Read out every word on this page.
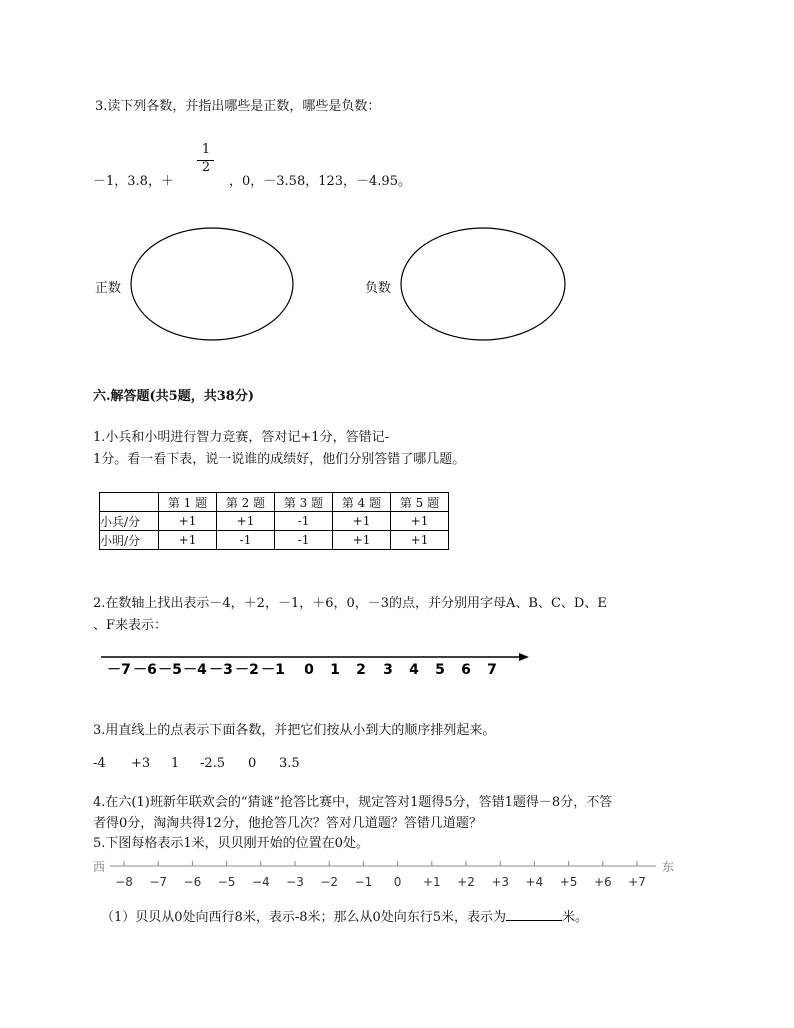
3.读下列各数，并指出哪些是正数，哪些是负数：
1
2
－1，3.8，＋	，0，－3.58，123，－4.95。
正数	负数
六.解答题(共5题，共38分)
1.小兵和小明进行智力竞赛，答对记+1分，答错记-
1分。看一看下表，说一说谁的成绩好，他们分别答错了哪几题。
	第 1 题	第 2 题	第 3 题	第 4 题	第 5 题
小兵/分	+1	+1	-1	+1	+1
小明/分	+1	-1	-1	+1	+1
2.在数轴上找出表示－4，＋2，－1，＋6，0，－3的点，并分别用字母A、B、C、D、E
、F来表示：
－7 －6 －5 －4 －3 －2 －1 0 1 2 3 4 5 6 7
3.用直线上的点表示下面各数，并把它们按从小到大的顺序排列起来。
-4 +3 1 -2.5 0 3.5
4.在六(1)班新年联欢会的“猜谜”抢答比赛中，规定答对1题得5分，答错1题得－8分，不答
者得0分，淘淘共得12分，他抢答几次？答对几道题？答错几道题？
5.下图每格表示1米，贝贝刚开始的位置在0处。
西	东
−8 −7 −6 −5 −4 −3 −2 −1 0 +1 +2 +3 +4 +5 +6 +7
（1）贝贝从0处向西行8米，表示-8米；那么从0处向东行5米，表示为	米。
